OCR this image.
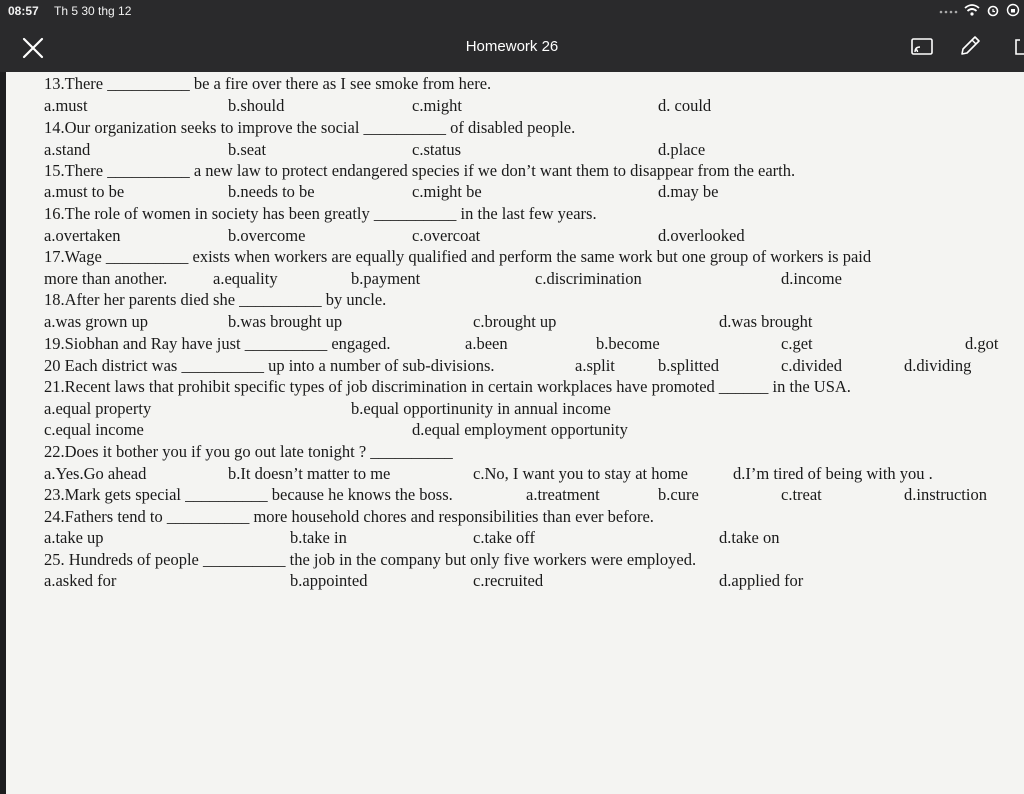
08:57 Th 5 30 thg 12
Homework 26
13.There __________ be a fire over there as I see smoke from here.
a.must	b.should	c.might	d. could
14.Our organization seeks to improve the social __________ of disabled people.
a.stand	b.seat	c.status	d.place
15.There __________ a new law to protect endangered species if we don’t want them to disappear from the earth.
a.must to be	b.needs to be	c.might be	d.may be
16.The role of women in society has been greatly __________ in the last few years.
a.overtaken	b.overcome	c.overcoat	d.overlooked
17.Wage __________ exists when workers are equally qualified and perform the same work but one group of workers is paid
more than another.	a.equality	b.payment	c.discrimination	d.income
18.After her parents died she __________ by uncle.
a.was grown up	b.was brought up	c.brought up	d.was brought
19.Siobhan and Ray have just __________ engaged.	a.been	b.become	c.get	d.got
20 Each district was __________ up into a number of sub-divisions.	a.split	b.splitted	c.divided	d.dividing
21.Recent laws that prohibit specific types of job discrimination in certain workplaces have promoted ______ in the USA.
a.equal property	b.equal opportinunity in annual income
c.equal income	d.equal employment opportunity
22.Does it bother you if you go out late tonight ? __________
a.Yes.Go ahead	b.It doesn’t matter to me	c.No, I want you to stay at home	d.I’m tired of being with you .
23.Mark gets special __________ because he knows the boss.	a.treatment	b.cure	c.treat	d.instruction
24.Fathers tend to __________ more household chores and responsibilities than ever before.
a.take up	b.take in	c.take off	d.take on
25. Hundreds of people __________ the job in the company but only five workers were employed.
a.asked for	b.appointed	c.recruited	d.applied for
